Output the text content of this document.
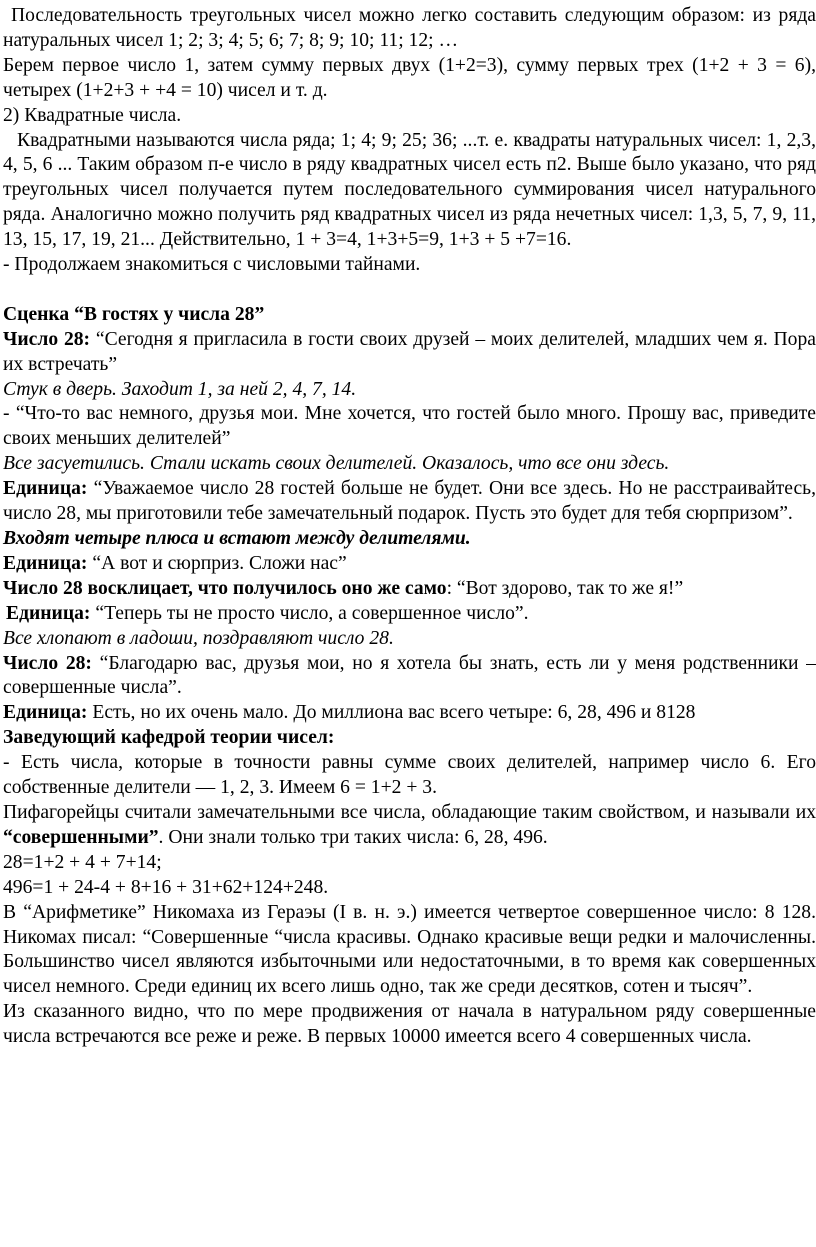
Последовательность треугольных чисел можно легко составить следующим образом: из ряда натуральных чисел 1; 2; 3; 4; 5; 6; 7; 8; 9; 10; 11; 12; …

Берем первое число 1, затем сумму первых двух (1+2=3), сумму первых трех (1+2 + 3 = 6), четырех (1+2+3 + +4 = 10) чисел и т. д.

2) Квадратные числа.

Квадратными называются числа ряда; 1; 4; 9; 25; 36; ...т. е. квадраты натуральных чисел: 1, 2,3, 4, 5, 6 ... Таким образом п-е число в ряду квадратных чисел есть п2. Выше было указано, что ряд треугольных чисел получается путем последовательного суммирования чисел натурального ряда. Аналогично можно получить ряд квадратных чисел из ряда нечетных чисел: 1,3, 5, 7, 9, 11, 13, 15, 17, 19, 21... Действительно, 1 + 3=4, 1+3+5=9, 1+3 + 5 +7=16.

- Продолжаем знакомиться с числовыми тайнами.

Сценка “В гостях у числа 28”

Число 28: “Сегодня я пригласила в гости своих друзей – моих делителей, младших чем я. Пора их встречать”

Стук в дверь. Заходит 1, за ней 2, 4, 7, 14.

- “Что-то вас немного, друзья мои. Мне хочется, что гостей было много. Прошу вас, приведите своих меньших делителей”

Все засуетились. Стали искать своих делителей. Оказалось, что все они здесь.

Единица: “Уважаемое число 28 гостей больше не будет. Они все здесь. Но не расстраивайтесь, число 28, мы приготовили тебе замечательный подарок. Пусть это будет для тебя сюрпризом”.

Входят четыре плюса и встают между делителями.

Единица: “А вот и сюрприз. Сложи нас”

Число 28 восклицает, что получилось оно же само: “Вот здорово, так то же я!”

Единица: “Теперь ты не просто число, а совершенное число”.

Все хлопают в ладоши, поздравляют число 28.

Число 28: “Благодарю вас, друзья мои, но я хотела бы знать, есть ли у меня родственники – совершенные числа”.

Единица: Есть, но их очень мало. До миллиона вас всего четыре: 6, 28, 496 и 8128

Заведующий кафедрой теории чисел:

- Есть числа, которые в точности равны сумме своих делителей, например число 6. Его собственные делители — 1, 2, 3. Имеем 6 = 1+2 + 3.

Пифагорейцы считали замечательными все числа, обладающие таким свойством, и называли их “совершенными”. Они знали только три таких числа: 6, 28, 496.

28=1+2 + 4 + 7+14;

496=1 + 24-4 + 8+16 + 31+62+124+248.

В “Арифметике” Никомаха из Гераэы (I в. н. э.) имеется четвертое совершенное число: 8 128. Никомах писал: “Совершенные “числа красивы. Однако красивые вещи редки и малочисленны. Большинство чисел являются избыточными или недостаточными, в то время как совершенных чисел немного. Среди единиц их всего лишь одно, так же среди десятков, сотен и тысяч”.

Из сказанного видно, что по мере продвижения от начала в натуральном ряду совершенные числа встречаются все реже и реже. В первых 10000 имеется всего 4 совершенных числа.
